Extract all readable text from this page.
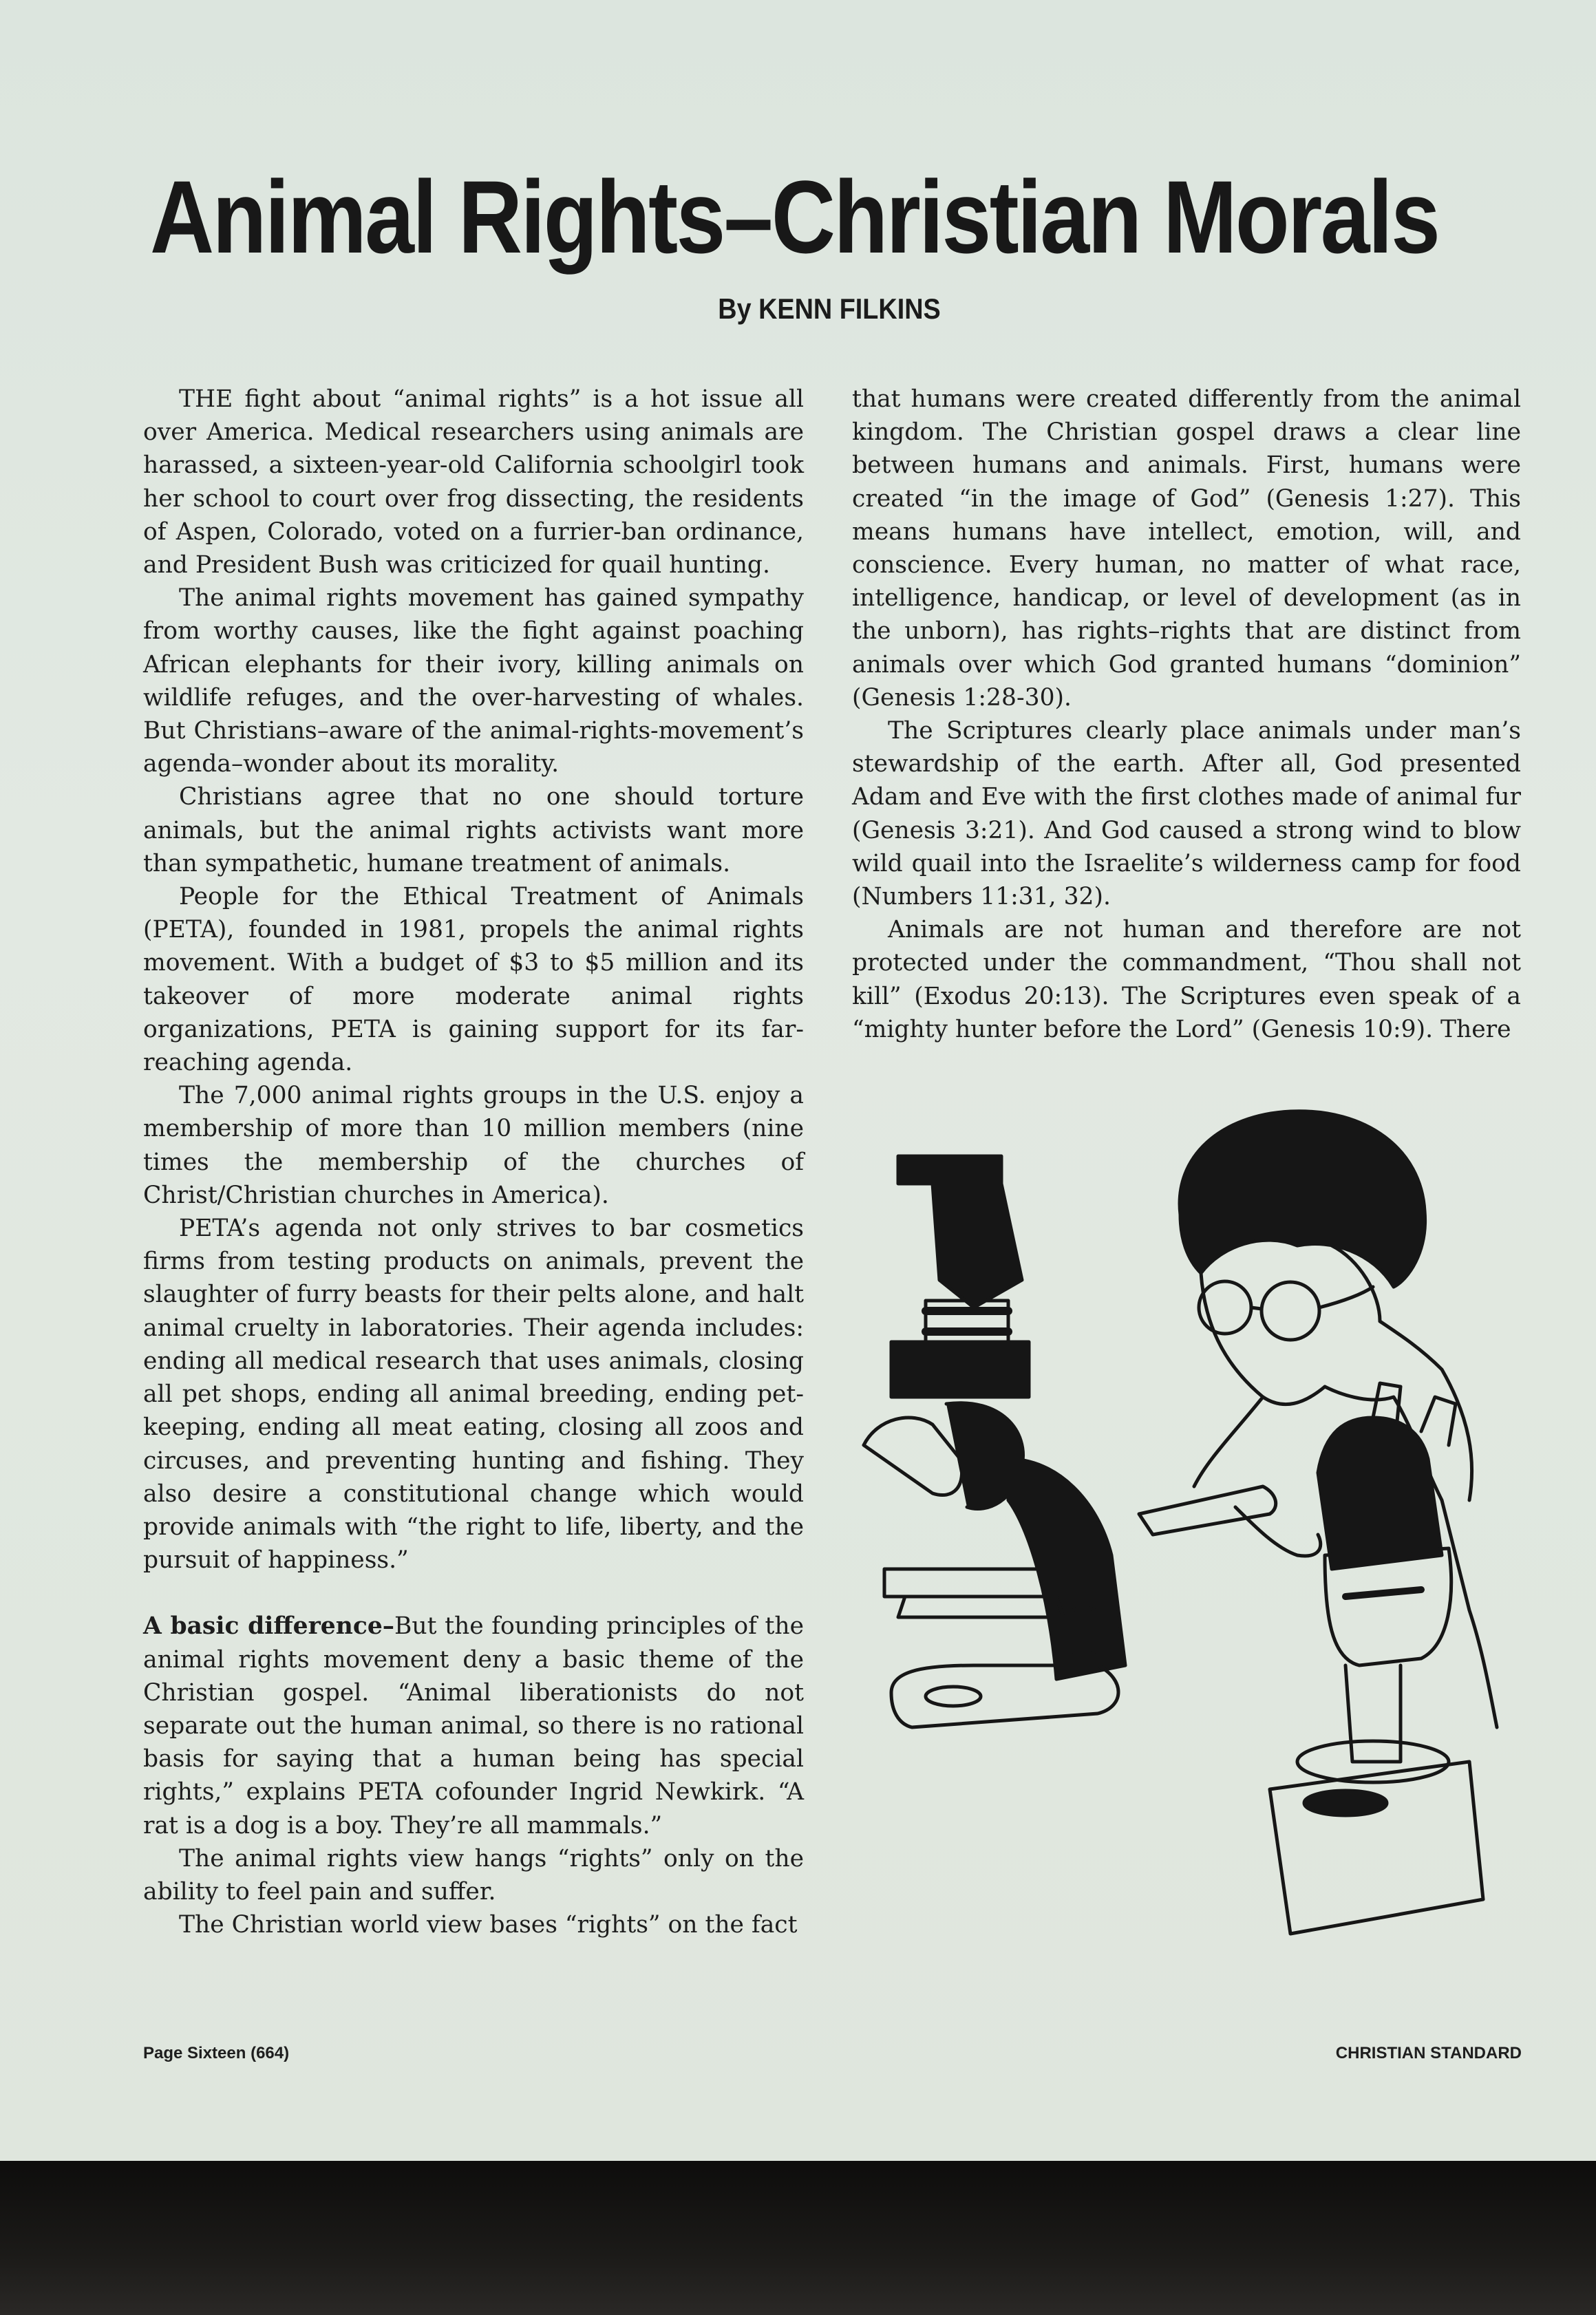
Animal Rights–Christian Morals
By KENN FILKINS

THE fight about “animal rights” is a hot issue all over America. Medical researchers using animals are harassed, a sixteen-year-old California schoolgirl took her school to court over frog dissecting, the residents of Aspen, Colorado, voted on a furrier-ban ordinance, and President Bush was criticized for quail hunting.

The animal rights movement has gained sympathy from worthy causes, like the fight against poaching African elephants for their ivory, killing animals on wildlife refuges, and the over-harvesting of whales. But Christians–aware of the animal-rights-movement’s agenda–wonder about its morality.

Christians agree that no one should torture animals, but the animal rights activists want more than sympathetic, humane treatment of animals.

People for the Ethical Treatment of Animals (PETA), founded in 1981, propels the animal rights movement. With a budget of $3 to $5 million and its takeover of more moderate animal rights organizations, PETA is gaining support for its far-reaching agenda.

The 7,000 animal rights groups in the U.S. enjoy a membership of more than 10 million members (nine times the membership of the churches of Christ/Christian churches in America).

PETA’s agenda not only strives to bar cosmetics firms from testing products on animals, prevent the slaughter of furry beasts for their pelts alone, and halt animal cruelty in laboratories. Their agenda includes: ending all medical research that uses animals, closing all pet shops, ending all animal breeding, ending pet-keeping, ending all meat eating, closing all zoos and circuses, and preventing hunting and fishing. They also desire a constitutional change which would provide animals with “the right to life, liberty, and the pursuit of happiness.”

A basic difference–But the founding principles of the animal rights movement deny a basic theme of the Christian gospel. “Animal liberationists do not separate out the human animal, so there is no rational basis for saying that a human being has special rights,” explains PETA cofounder Ingrid Newkirk. “A rat is a dog is a boy. They’re all mammals.”

The animal rights view hangs “rights” only on the ability to feel pain and suffer.

The Christian world view bases “rights” on the fact

that humans were created differently from the animal kingdom. The Christian gospel draws a clear line between humans and animals. First, humans were created “in the image of God” (Genesis 1:27). This means humans have intellect, emotion, will, and conscience. Every human, no matter of what race, intelligence, handicap, or level of development (as in the unborn), has rights–rights that are distinct from animals over which God granted humans “dominion” (Genesis 1:28-30).

The Scriptures clearly place animals under man’s stewardship of the earth. After all, God presented Adam and Eve with the first clothes made of animal fur (Genesis 3:21). And God caused a strong wind to blow wild quail into the Israelite’s wilderness camp for food (Numbers 11:31, 32).

Animals are not human and therefore are not protected under the commandment, “Thou shall not kill” (Exodus 20:13). The Scriptures even speak of a “mighty hunter before the Lord” (Genesis 10:9). There

Page Sixteen (664)	CHRISTIAN STANDARD
